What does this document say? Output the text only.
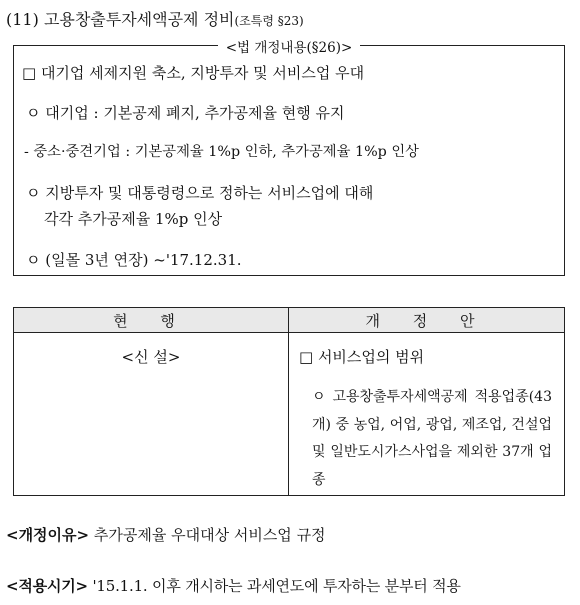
(11) 고용창출투자세액공제 정비(조특령 §23)
<법 개정내용(§26)>
□ 대기업 세제지원 축소, 지방투자 및 서비스업 우대
ㅇ 대기업 : 기본공제 폐지, 추가공제율 현행 유지
- 중소·중견기업 : 기본공제율 1%p 인하, 추가공제율 1%p 인상
ㅇ 지방투자 및 대통령령으로 정하는 서비스업에 대해
각각 추가공제율 1%p 인상
ㅇ (일몰 3년 연장) ~'17.12.31.
현 행	개 정 안
<신 설>	□ 서비스업의 범위
ㅇ 고용창출투자세액공제 적용업종(43개) 중 농업, 어업, 광업, 제조업, 건설업 및 일반도시가스사업을 제외한 37개 업종
<개정이유> 추가공제율 우대대상 서비스업 규정
<적용시기> '15.1.1. 이후 개시하는 과세연도에 투자하는 분부터 적용
